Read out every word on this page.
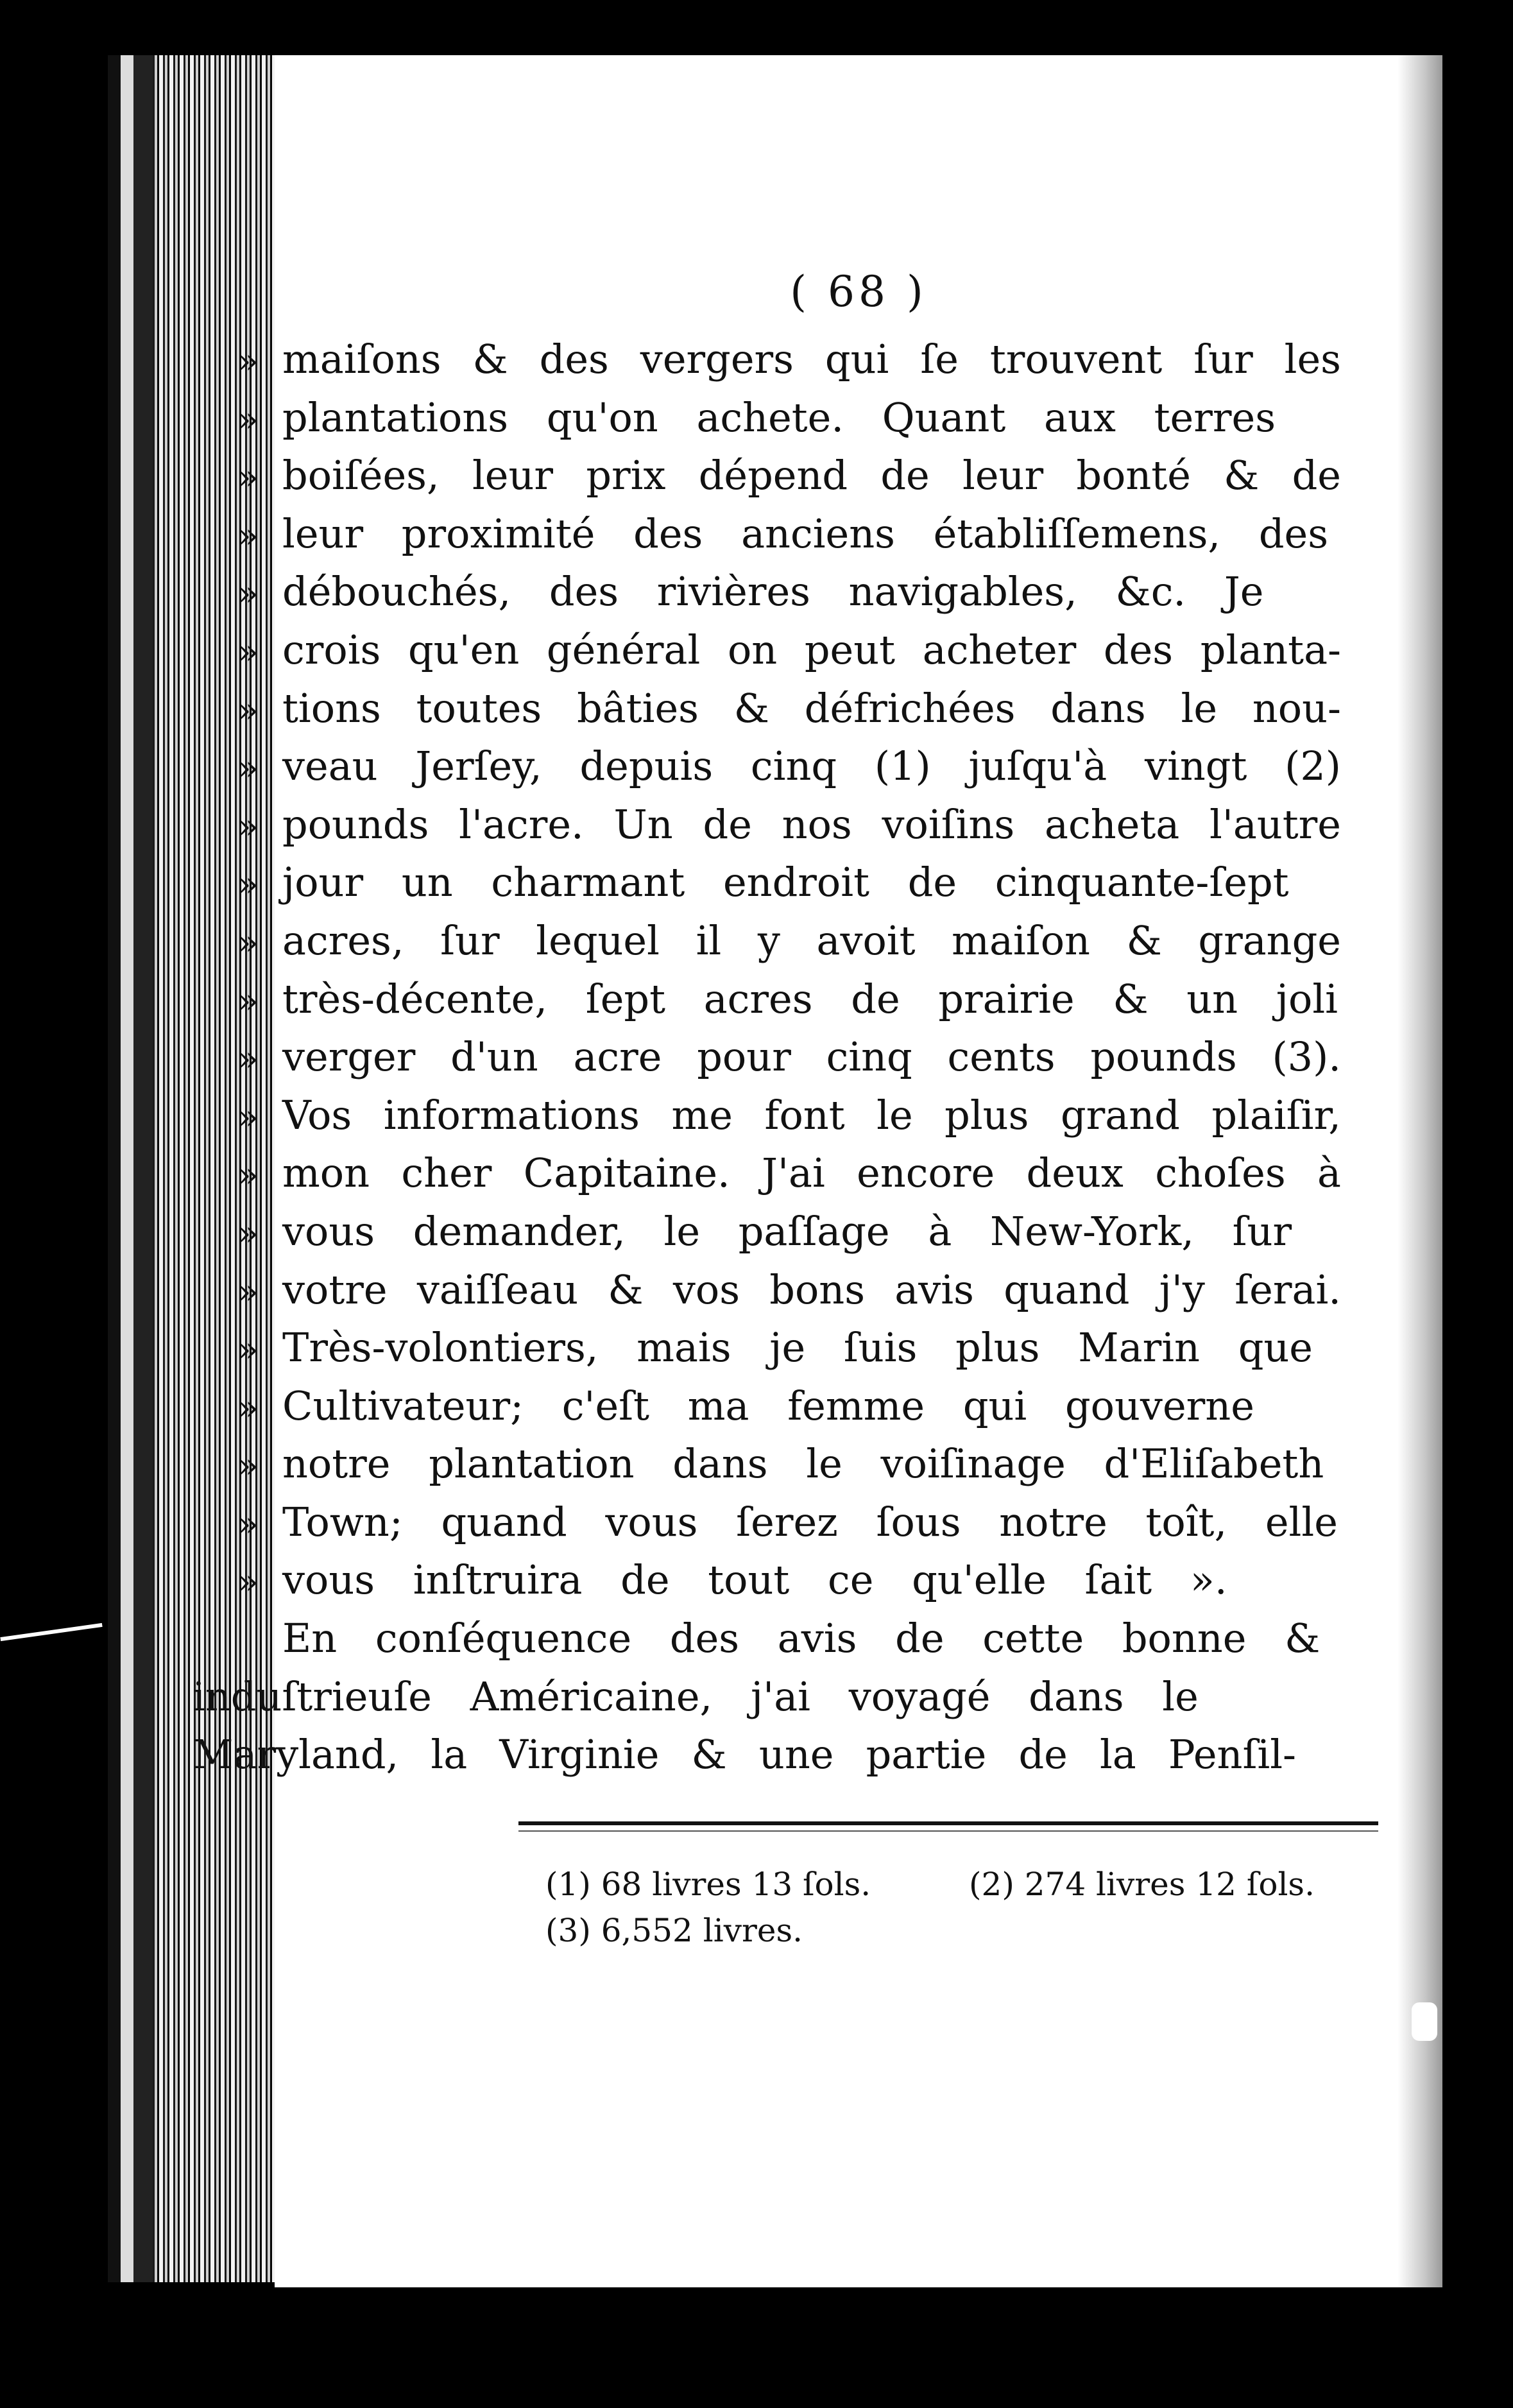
( 68 )
» maiſons & des vergers qui ſe trouvent ſur les
» plantations qu'on achete. Quant aux terres
» boiſées, leur prix dépend de leur bonté & de
» leur proximité des anciens établiſſemens, des
» débouchés, des rivières navigables, &c. Je
» crois qu'en général on peut acheter des planta-
» tions toutes bâties & défrichées dans le nou-
» veau Jerſey, depuis cinq (1) juſqu'à vingt (2)
» pounds l'acre. Un de nos voiſins acheta l'autre
» jour un charmant endroit de cinquante-ſept
» acres, ſur lequel il y avoit maiſon & grange
» très-décente, ſept acres de prairie & un joli
» verger d'un acre pour cinq cents pounds (3).
» Vos informations me font le plus grand plaiſir,
» mon cher Capitaine. J'ai encore deux choſes à
» vous demander, le paſſage à New-York, ſur
» votre vaiſſeau & vos bons avis quand j'y ſerai.
» Très-volontiers, mais je ſuis plus Marin que
» Cultivateur; c'eſt ma femme qui gouverne
» notre plantation dans le voiſinage d'Eliſabeth
» Town; quand vous ſerez ſous notre toît, elle
» vous inſtruira de tout ce qu'elle ſait ».
En conſéquence des avis de cette bonne &
induſtrieuſe Américaine, j'ai voyagé dans le
Maryland, la Virginie & une partie de la Penſil-
(1) 68 livres 13 ſols.	(2) 274 livres 12 ſols.
(3) 6,552 livres.
